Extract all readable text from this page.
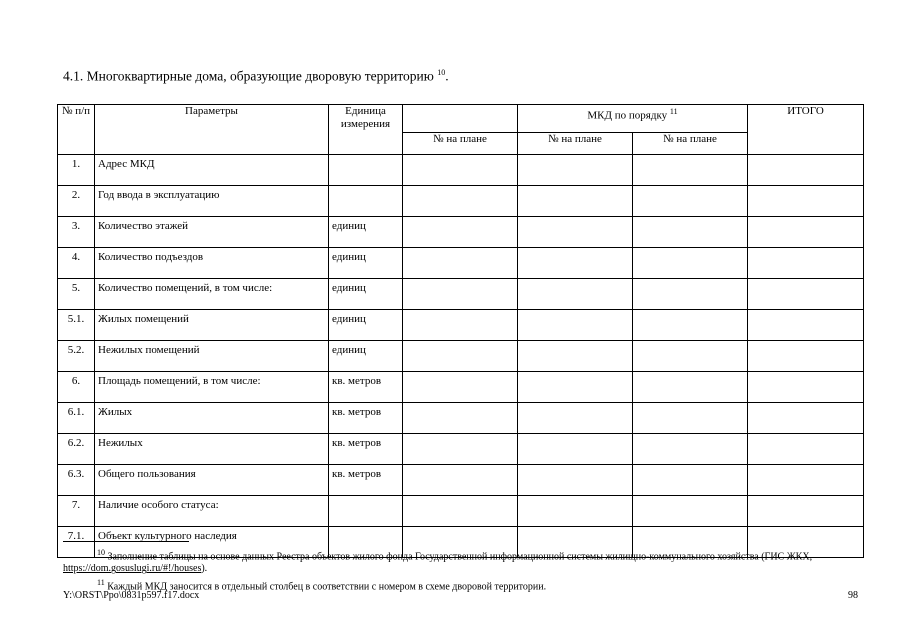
4.1. Многоквартирные дома, образующие дворовую территорию $^{10}$.
№ п/п	Параметры	Единица измерения		МКД по порядку $^{11}$		ИТОГО
			№ на плане	№ на плане	№ на плане	
1.	Адрес МКД					
2.	Год ввода в эксплуатацию					
3.	Количество этажей	единиц				
4.	Количество подъездов	единиц				
5.	Количество помещений, в том числе:	единиц				
5.1.	Жилых помещений	единиц				
5.2.	Нежилых помещений	единиц				
6.	Площадь помещений, в том числе:	кв. метров				
6.1.	Жилых	кв. метров				
6.2.	Нежилых	кв. метров				
6.3.	Общего пользования	кв. метров				
7.	Наличие особого статуса:					
7.1.	Объект культурного наследия					
$^{10}$ Заполнение таблицы на основе данных Реестра объектов жилого фонда Государственной информационной системы жилищно-коммунального хозяйства (ГИС ЖКХ, https://dom.gosuslugi.ru/#!/houses).
$^{11}$ Каждый МКД заносится в отдельный столбец в соответствии с номером в схеме дворовой территории.
Y:\ORST\Ppo\0831p597.f17.docx	98
